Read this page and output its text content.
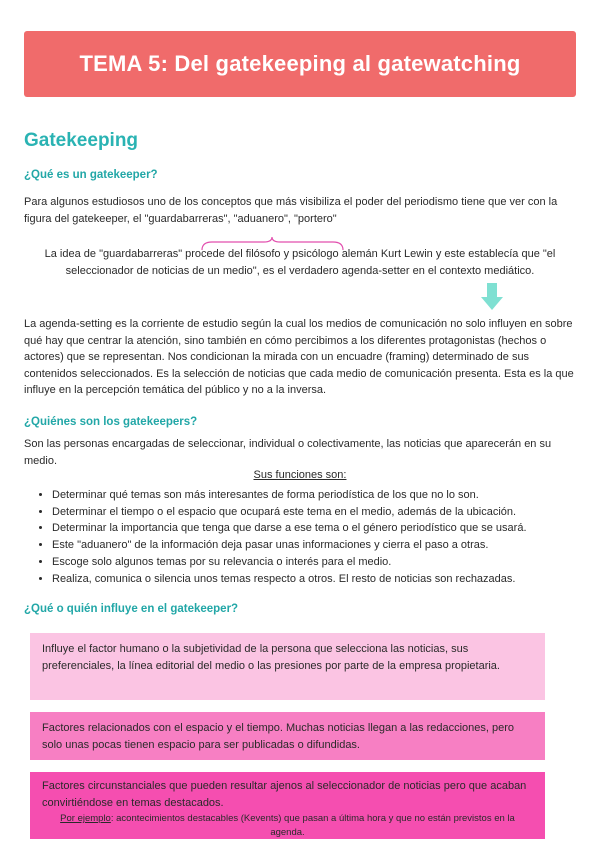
TEMA 5: Del gatekeeping al gatewatching
Gatekeeping
¿Qué es un gatekeeper?

Para algunos estudiosos uno de los conceptos que más visibiliza el poder del periodismo tiene que ver con la figura del gatekeeper, el "guardabarreras", "aduanero", "portero"

La idea de "guardabarreras" procede del filósofo y psicólogo alemán Kurt Lewin y este establecía que "el seleccionador de noticias de un medio", es el verdadero agenda-setter en el contexto mediático.

La agenda-setting es la corriente de estudio según la cual los medios de comunicación no solo influyen en sobre qué hay que centrar la atención, sino también en cómo percibimos a los diferentes protagonistas (hechos o actores) que se representan. Nos condicionan la mirada con un encuadre (framing) determinado de sus contenidos seleccionados. Es la selección de noticias que cada medio de comunicación presenta. Esta es la que influye en la percepción temática del público y no a la inversa.

¿Quiénes son los gatekeepers?

Son las personas encargadas de seleccionar, individual o colectivamente, las noticias que aparecerán en su medio.

Sus funciones son:

• Determinar qué temas son más interesantes de forma periodística de los que no lo son.
• Determinar el tiempo o el espacio que ocupará este tema en el medio, además de la ubicación.
• Determinar la importancia que tenga que darse a ese tema o el género periodístico que se usará.
• Este "aduanero" de la información deja pasar unas informaciones y cierra el paso a otras.
• Escoge solo algunos temas por su relevancia o interés para el medio.
• Realiza, comunica o silencia unos temas respecto a otros. El resto de noticias son rechazadas.
¿Qué o quién influye en el gatekeeper?
Influye el factor humano o la subjetividad de la persona que selecciona las noticias, sus preferenciales, la línea editorial del medio o las presiones por parte de la empresa propietaria.
Factores relacionados con el espacio y el tiempo. Muchas noticias llegan a las redacciones, pero solo unas pocas tienen espacio para ser publicadas o difundidas.
Factores circunstanciales que pueden resultar ajenos al seleccionador de noticias pero que acaban convirtiéndose en temas destacados.
Por ejemplo: acontecimientos destacables (Kevents) que pasan a última hora y que no están previstos en la agenda.
